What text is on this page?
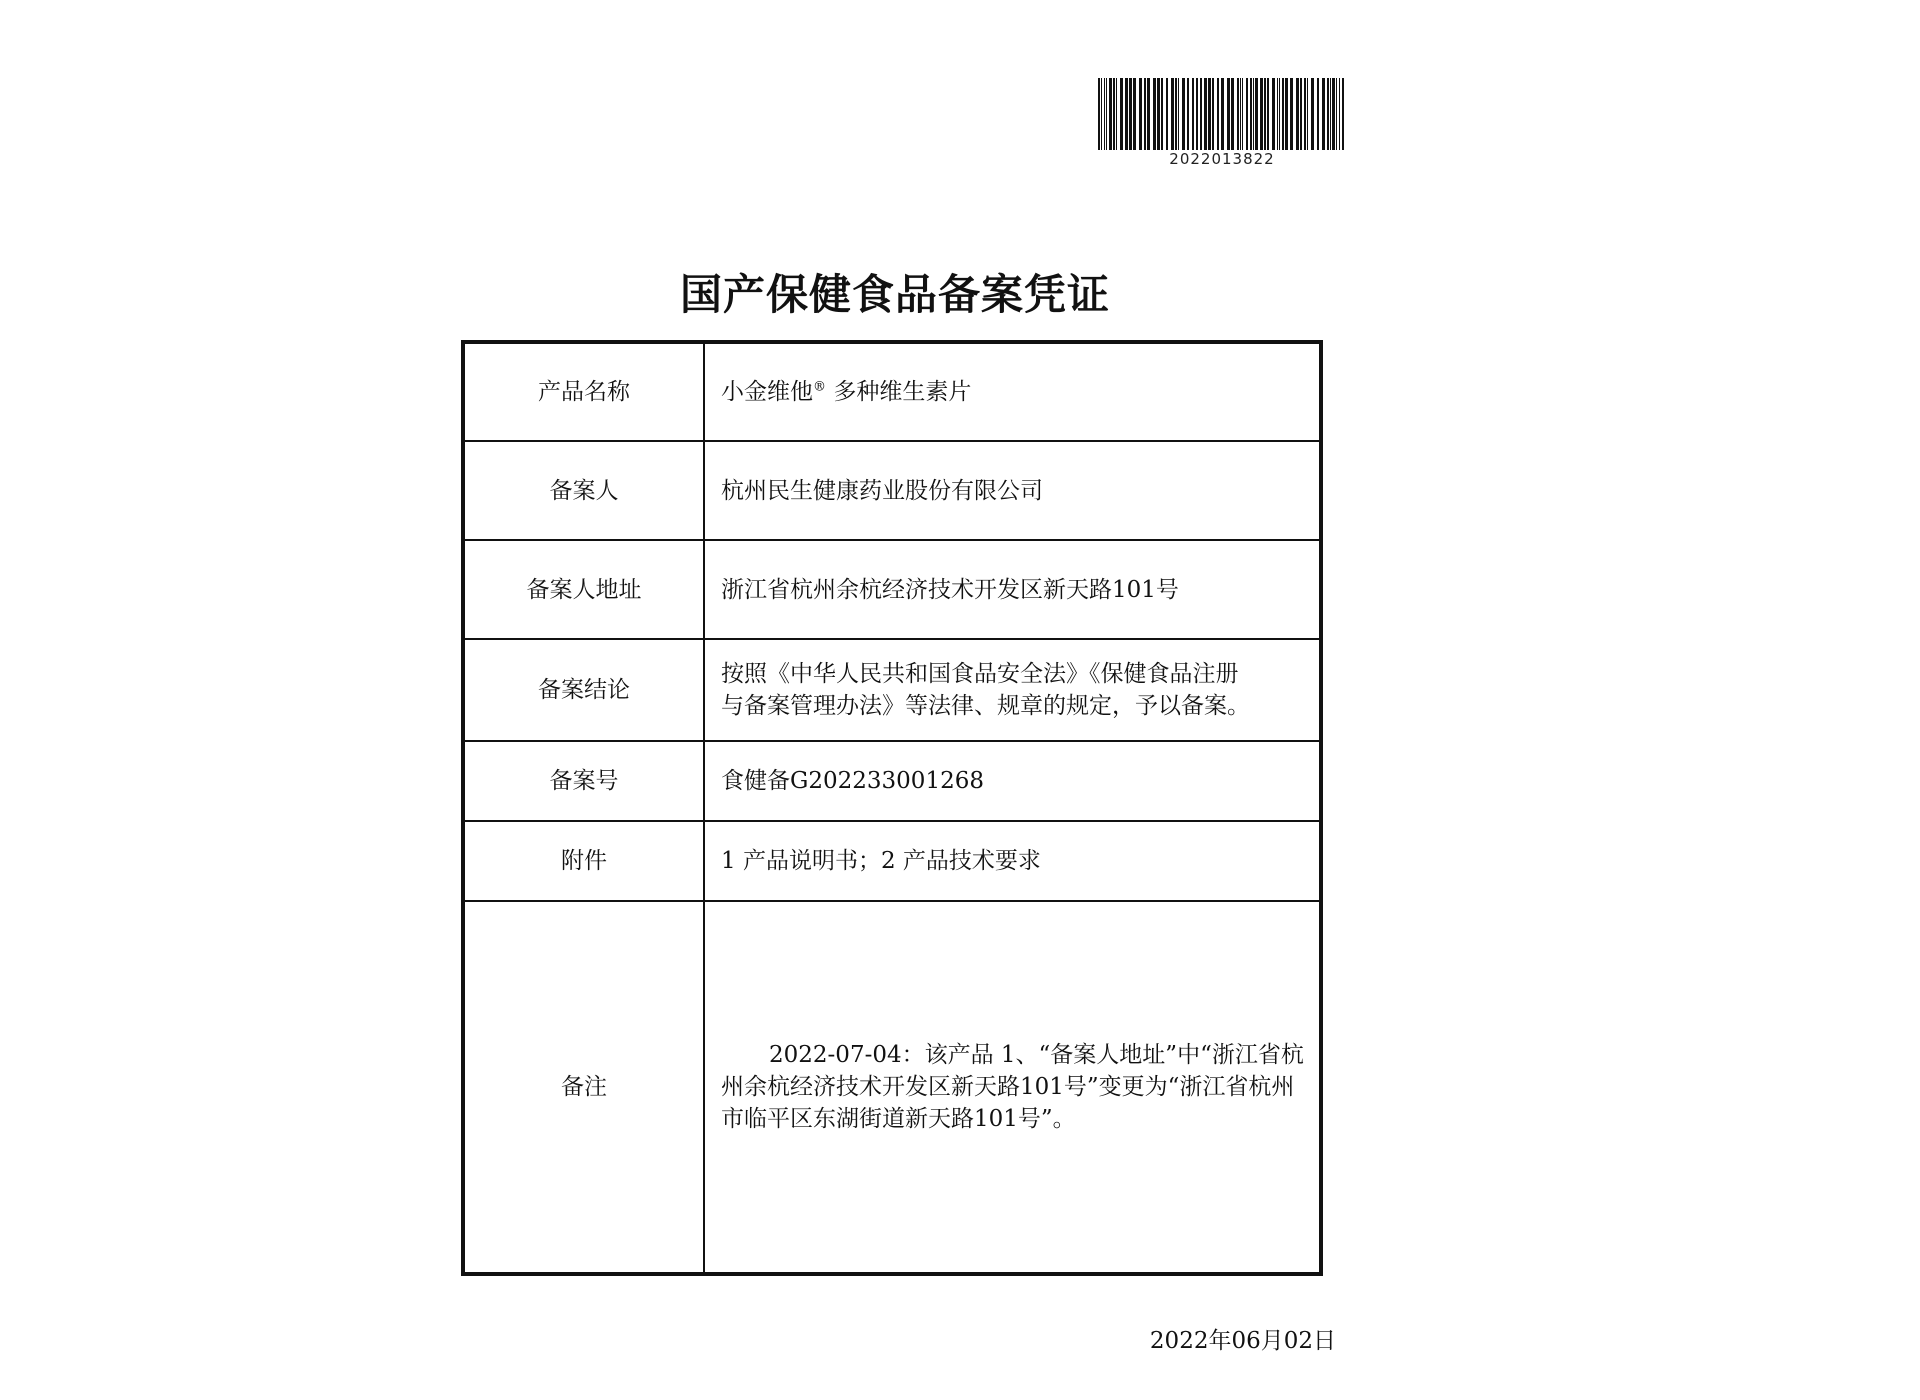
2022013822
国产保健食品备案凭证
产品名称	小金维他® 多种维生素片
备案人	杭州民生健康药业股份有限公司
备案人地址	浙江省杭州余杭经济技术开发区新天路101号
备案结论	按照《中华人民共和国食品安全法》《保健食品注册
与备案管理办法》等法律、规章的规定，予以备案。

备案号	食健备G202233001268
附件	1 产品说明书；2 产品技术要求
备注	2022-07-04：该产品 1、“备案人地址”中“浙江省杭州余杭经济技术开发区新天路101号”变更为“浙江省杭州市临平区东湖街道新天路101号”。
2022年06月02日
